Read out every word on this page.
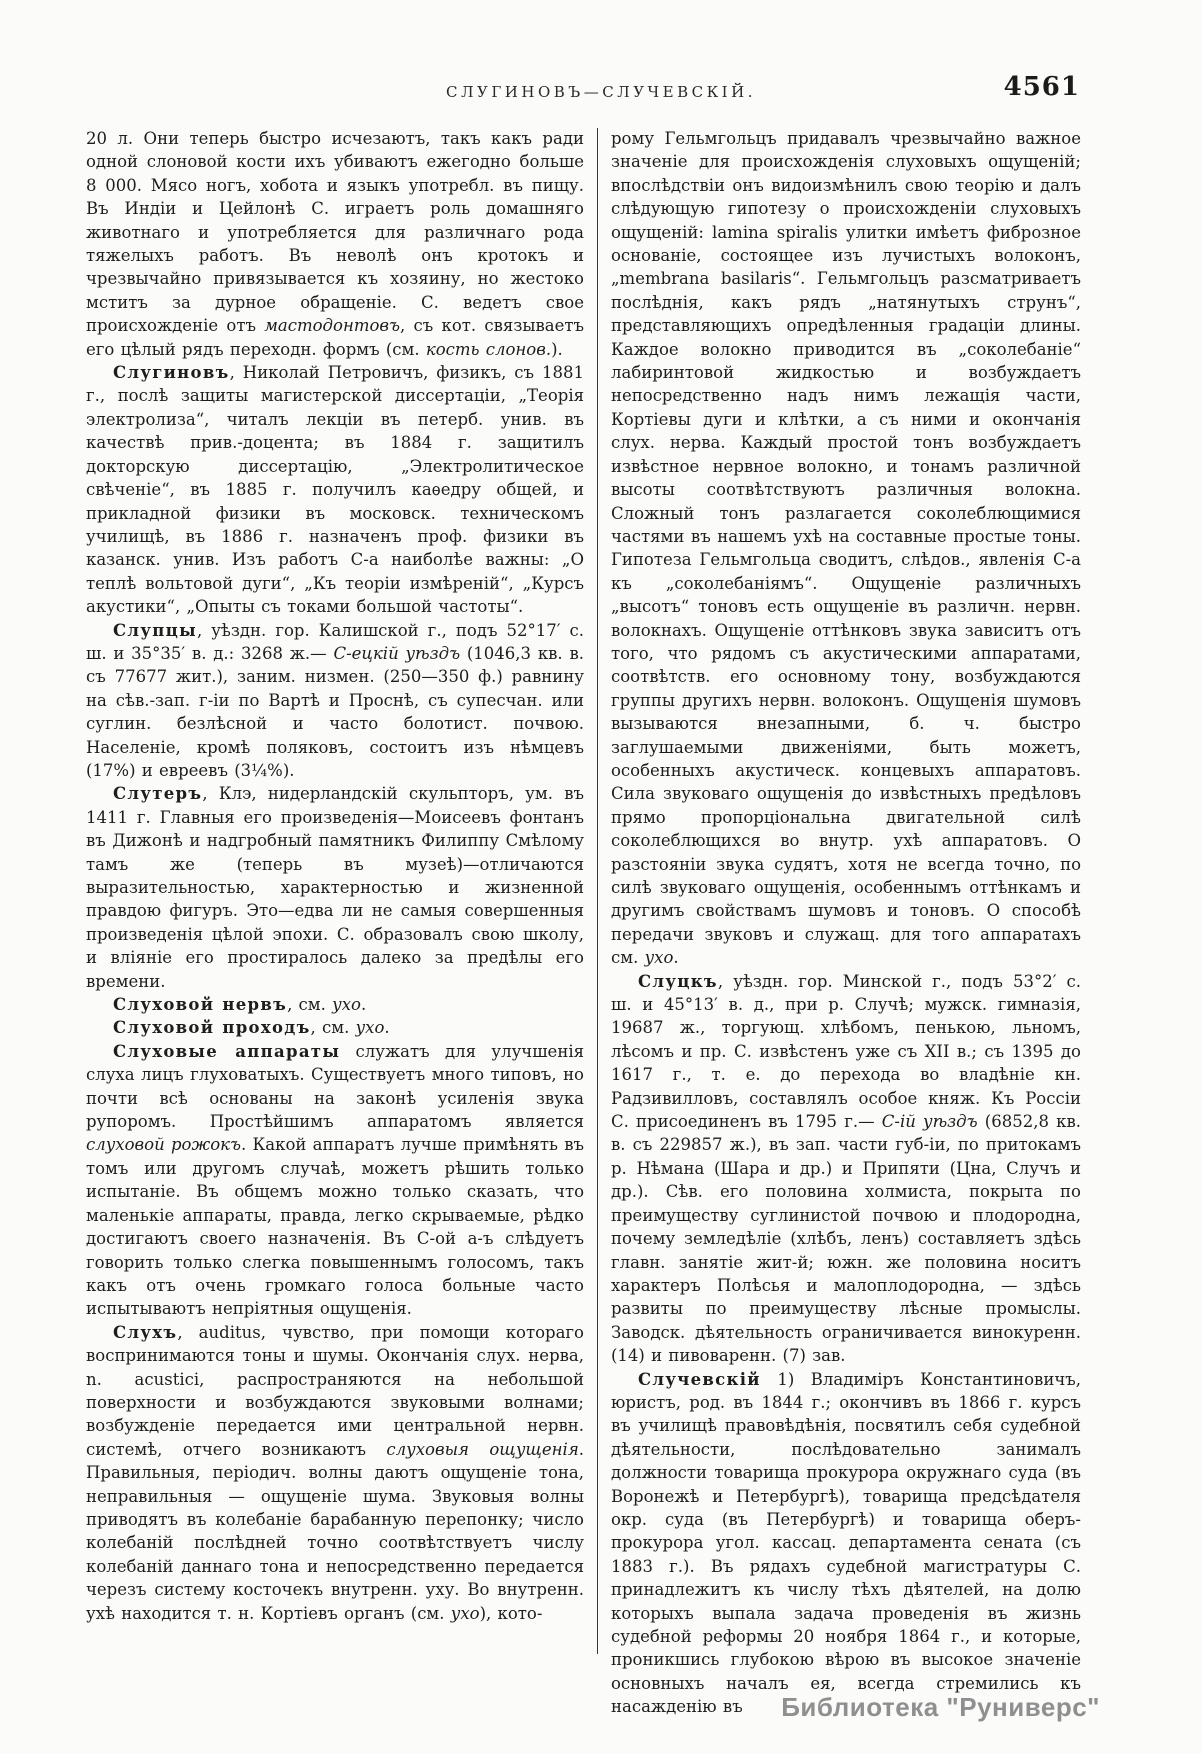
СЛУГИНОВЪ—СЛУЧЕВСКІЙ.	4561

20 л. Они теперь быстро исчезаютъ, такъ какъ ради одной слоновой кости ихъ убиваютъ ежегодно больше 8 000. Мясо ногъ, хобота и языкъ употребл. въ пищу. Въ Индіи и Цейлонѣ С. играетъ роль домашняго животнаго и употребляется для различнаго рода тяжелыхъ работъ. Въ неволѣ онъ кротокъ и чрезвычайно привязывается къ хозяину, но жестоко мститъ за дурное обращеніе. С. ведетъ свое происхожденіе отъ мастодонтовъ, съ кот. связываетъ его цѣлый рядъ переходн. формъ (см. кость слонов.).

Слугиновъ, Николай Петровичъ, физикъ, съ 1881 г., послѣ защиты магистерской диссертаціи, „Теорія электролиза“, читалъ лекціи въ петерб. унив. въ качествѣ прив.-доцента; въ 1884 г. защитилъ докторскую диссертацію, „Электролитическое свѣченіе“, въ 1885 г. получилъ каѳедру общей, и прикладной физики въ московск. техническомъ училищѣ, въ 1886 г. назначенъ проф. физики въ казанск. унив. Изъ работъ С-а наиболѣе важны: „О теплѣ вольтовой дуги“, „Къ теоріи измѣреній“, „Курсъ акустики“, „Опыты съ токами большой частоты“.

Слупцы, уѣздн. гор. Калишской г., подъ 52°17′ с. ш. и 35°35′ в. д.: 3268 ж.— С-ецкій уѣздъ (1046,3 кв. в. съ 77677 жит.), заним. низмен. (250—350 ф.) равнину на сѣв.-зап. г-іи по Вартѣ и Проснѣ, съ супесчан. или суглин. безлѣсной и часто болотист. почвою. Населеніе, кромѣ поляковъ, состоитъ изъ нѣмцевъ (17%) и евреевъ (3¼%).

Слутеръ, Клэ, нидерландскій скульпторъ, ум. въ 1411 г. Главныя его произведенія—Моисеевъ фонтанъ въ Дижонѣ и надгробный памятникъ Филиппу Смѣлому тамъ же (теперь въ музеѣ)—отличаются выразительностью, характерностью и жизненной правдою фигуръ. Это—едва ли не самыя совершенныя произведенія цѣлой эпохи. С. образовалъ свою школу, и вліяніе его простиралось далеко за предѣлы его времени.

Слуховой нервъ, см. ухо.

Слуховой проходъ, см. ухо.

Слуховые аппараты служатъ для улучшенія слуха лицъ глуховатыхъ. Существуетъ много типовъ, но почти всѣ основаны на законѣ усиленія звука рупоромъ. Простѣйшимъ аппаратомъ является слуховой рожокъ. Какой аппаратъ лучше примѣнять въ томъ или другомъ случаѣ, можетъ рѣшить только испытаніе. Въ общемъ можно только сказать, что маленькіе аппараты, правда, легко скрываемые, рѣдко достигаютъ своего назначенія. Въ С-ой а-ъ слѣдуетъ говорить только слегка повышеннымъ голосомъ, такъ какъ отъ очень громкаго голоса больные часто испытываютъ непріятныя ощущенія.

Слухъ, auditus, чувство, при помощи котораго воспринимаются тоны и шумы. Окончанія слух. нерва, n. acustici, распространяются на небольшой поверхности и возбуждаются звуковыми волнами; возбужденіе передается ими центральной нервн. системѣ, отчего возникаютъ слуховыя ощущенія. Правильныя, періодич. волны даютъ ощущеніе тона, неправильныя — ощущеніе шума. Звуковыя волны приводятъ въ колебаніе барабанную перепонку; число колебаній послѣдней точно соотвѣтствуетъ числу колебаній даннаго тона и непосредственно передается черезъ систему косточекъ внутренн. уху. Во внутренн. ухѣ находится т. н. Кортіевъ органъ (см. ухо), кото-

рому Гельмгольцъ придавалъ чрезвычайно важное значеніе для происхожденія слуховыхъ ощущеній; впослѣдствіи онъ видоизмѣнилъ свою теорію и далъ слѣдующую гипотезу о происхожденіи слуховыхъ ощущеній: lamina spiralis улитки имѣетъ фиброзное основаніе, состоящее изъ лучистыхъ волоконъ, „membrana basilaris“. Гельмгольцъ разсматриваетъ послѣднія, какъ рядъ „натянутыхъ струнъ“, представляющихъ опредѣленныя градаціи длины. Каждое волокно приводится въ „соколебаніе“ лабиринтовой жидкостью и возбуждаетъ непосредственно надъ нимъ лежащія части, Кортіевы дуги и клѣтки, а съ ними и окончанія слух. нерва. Каждый простой тонъ возбуждаетъ извѣстное нервное волокно, и тонамъ различной высоты соотвѣтствуютъ различныя волокна. Сложный тонъ разлагается соколеблющимися частями въ нашемъ ухѣ на составные простые тоны. Гипотеза Гельмгольца сводитъ, слѣдов., явленія С-а къ „соколебаніямъ“. Ощущеніе различныхъ „высотъ“ тоновъ есть ощущеніе въ различн. нервн. волокнахъ. Ощущеніе оттѣнковъ звука зависитъ отъ того, что рядомъ съ акустическими аппаратами, соотвѣтств. его основному тону, возбуждаются группы другихъ нервн. волоконъ. Ощущенія шумовъ вызываются внезапными, б. ч. быстро заглушаемыми движеніями, быть можетъ, особенныхъ акустическ. концевыхъ аппаратовъ. Сила звуковаго ощущенія до извѣстныхъ предѣловъ прямо пропорціональна двигательной силѣ соколеблющихся во внутр. ухѣ аппаратовъ. О разстояніи звука судятъ, хотя не всегда точно, по силѣ звуковаго ощущенія, особеннымъ оттѣнкамъ и другимъ свойствамъ шумовъ и тоновъ. О способѣ передачи звуковъ и служащ. для того аппаратахъ см. ухо.

Слуцкъ, уѣздн. гор. Минской г., подъ 53°2′ с. ш. и 45°13′ в. д., при р. Случѣ; мужск. гимназія, 19687 ж., торгующ. хлѣбомъ, пенькою, льномъ, лѣсомъ и пр. С. извѣстенъ уже съ XII в.; съ 1395 до 1617 г., т. е. до перехода во владѣніе кн. Радзивилловъ, составлялъ особое княж. Къ Россіи С. присоединенъ въ 1795 г.— С-ій уѣздъ (6852,8 кв. в. съ 229857 ж.), въ зап. части губ-іи, по притокамъ р. Нѣмана (Шара и др.) и Припяти (Цна, Случъ и др.). Сѣв. его половина холмиста, покрыта по преимуществу суглинистой почвою и плодородна, почему земледѣліе (хлѣбъ, ленъ) составляетъ здѣсь главн. занятіе жит-й; южн. же половина носитъ характеръ Полѣсья и малоплодородна, — здѣсь развиты по преимуществу лѣсные промыслы. Заводск. дѣятельность ограничивается винокуренн. (14) и пивоваренн. (7) зав.

Случевскій 1) Владиміръ Константиновичъ, юристъ, род. въ 1844 г.; окончивъ въ 1866 г. курсъ въ училищѣ правовѣдѣнія, посвятилъ себя судебной дѣятельности, послѣдовательно занималъ должности товарища прокурора окружнаго суда (въ Воронежѣ и Петербургѣ), товарища предсѣдателя окр. суда (въ Петербургѣ) и товарища оберъ-прокурора угол. кассац. департамента сената (съ 1883 г.). Въ рядахъ судебной магистратуры С. принадлежитъ къ числу тѣхъ дѣятелей, на долю которыхъ выпала задача проведенія въ жизнь судебной реформы 20 ноября 1864 г., и которые, проникшись глубокою вѣрою въ высокое значеніе основныхъ началъ ея, всегда стремились къ насажденію въ	Библиотека "Руниверс"
